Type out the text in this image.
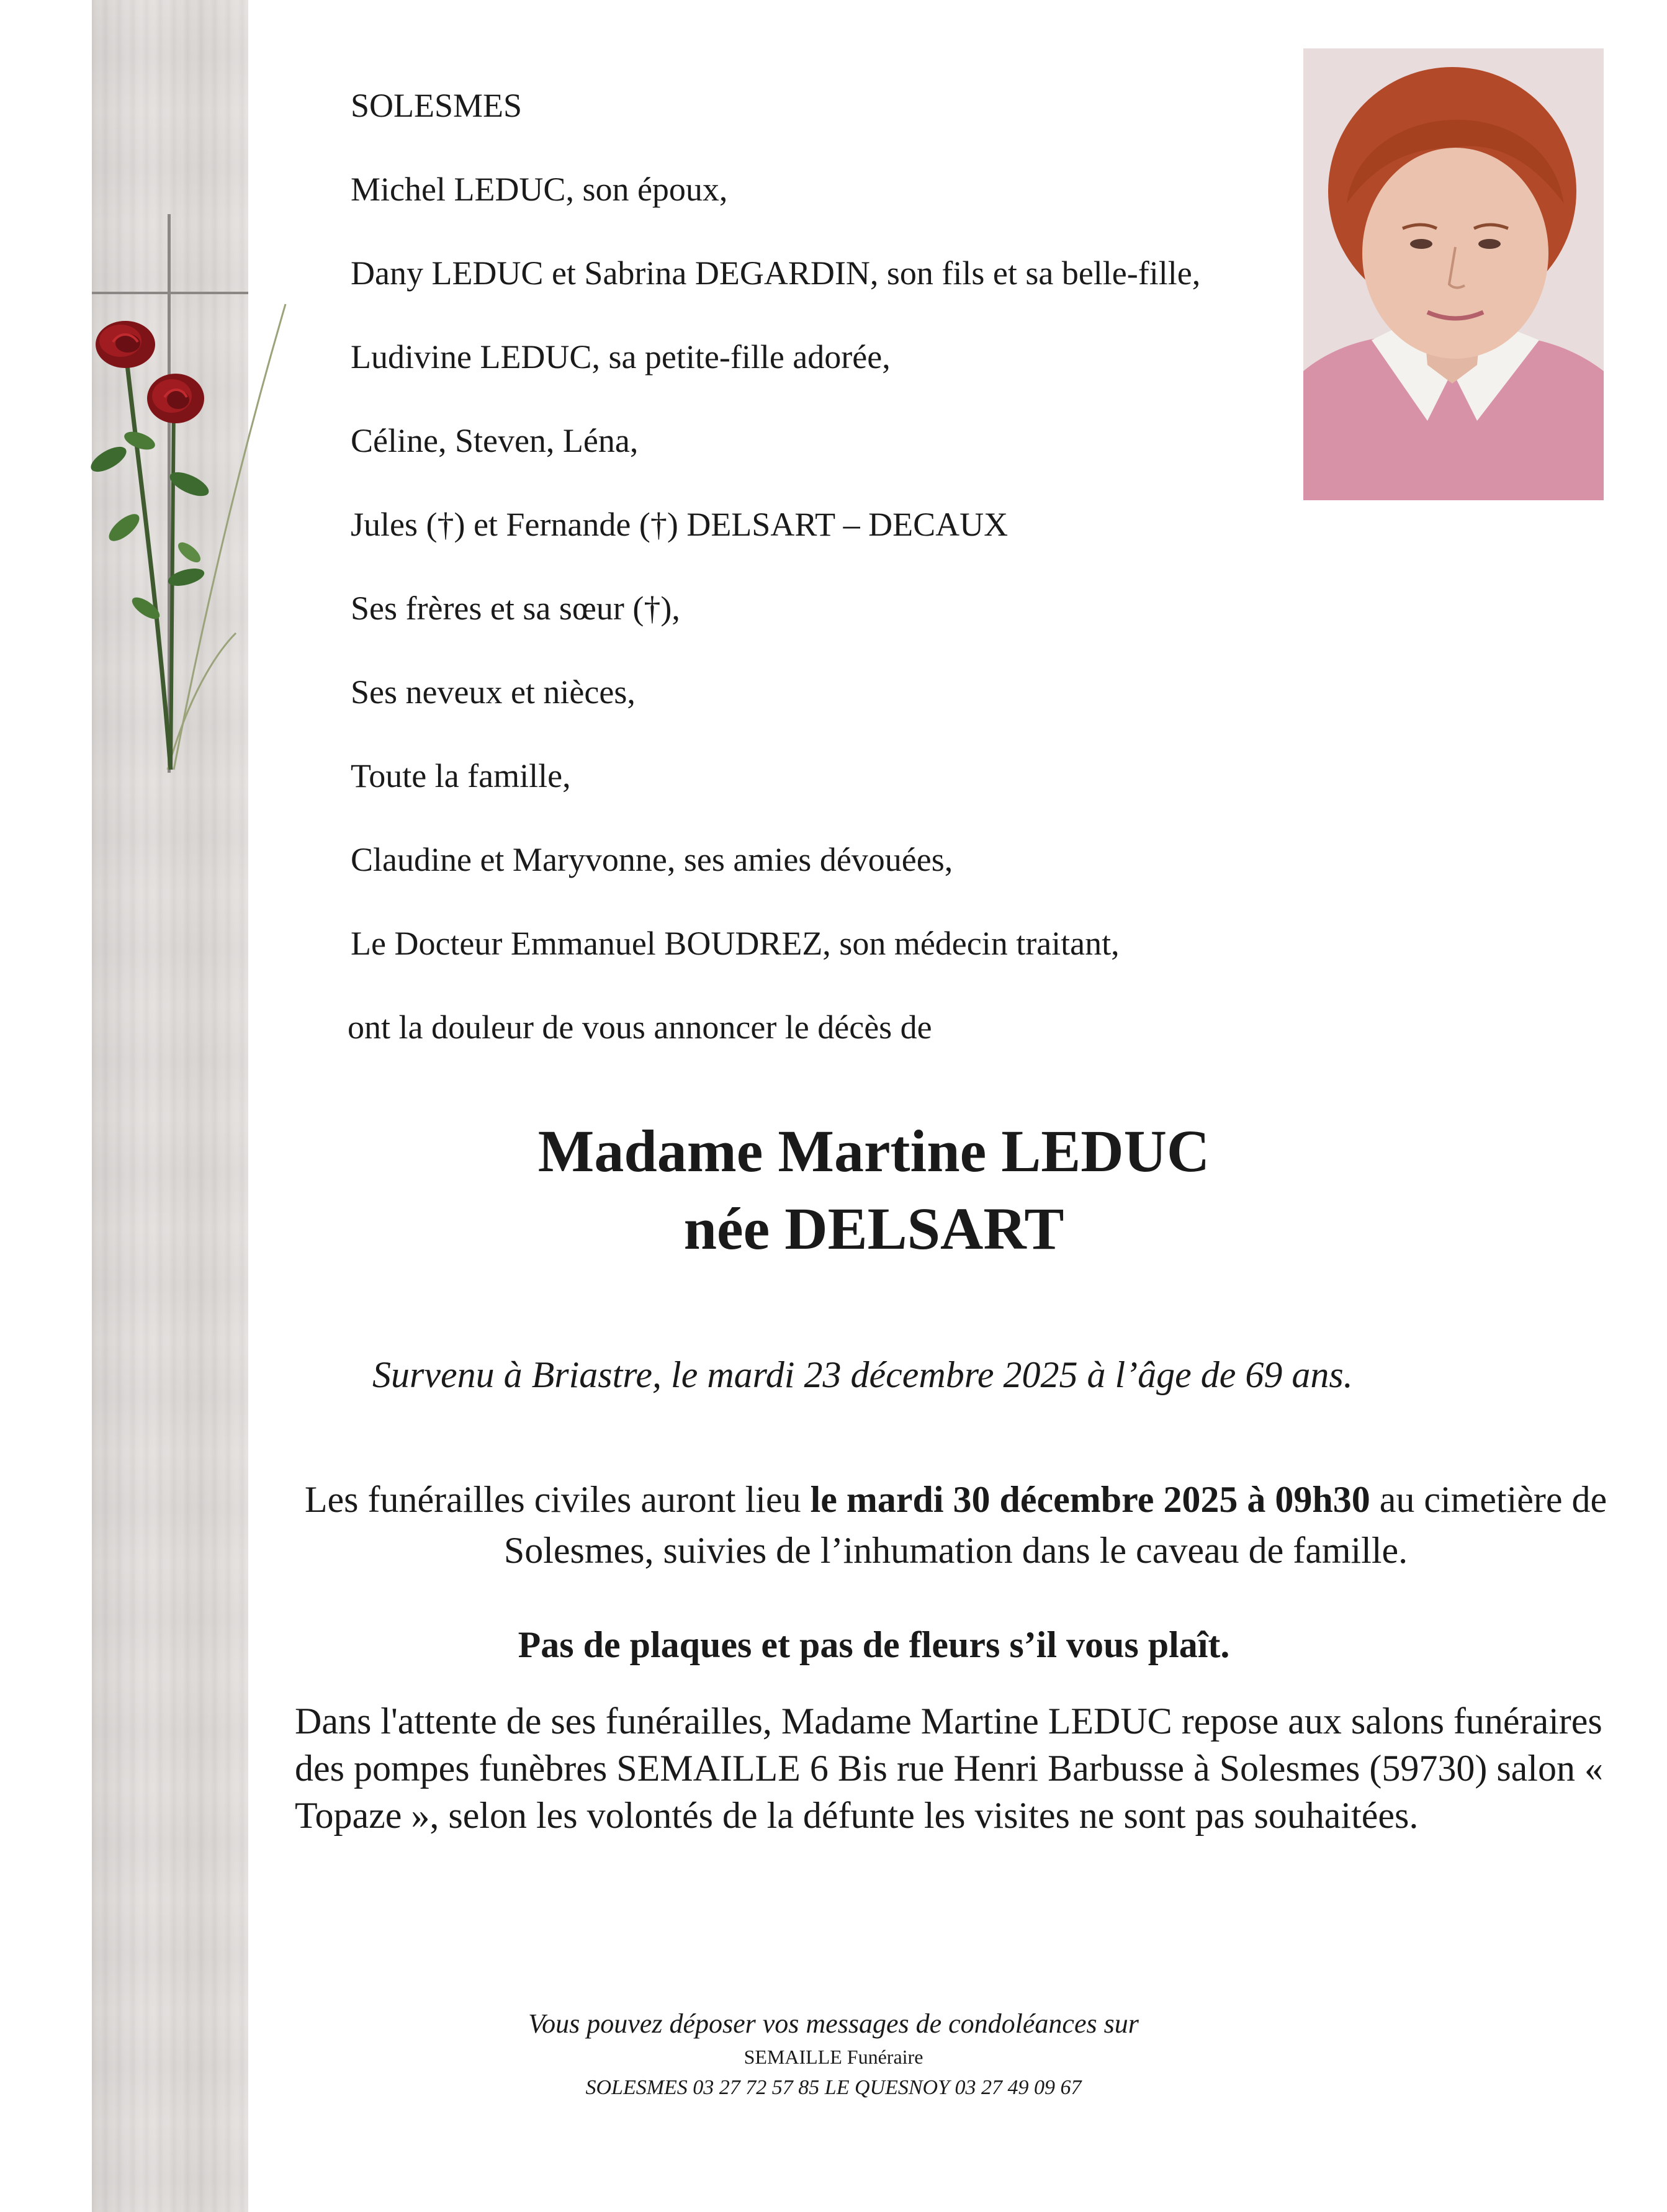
SOLESMES
Michel LEDUC, son époux,
Dany LEDUC et Sabrina DEGARDIN, son fils et sa belle-fille,
Ludivine LEDUC, sa petite-fille adorée,
Céline, Steven, Léna,
Jules (†) et Fernande (†) DELSART – DECAUX
Ses frères et sa sœur (†),
Ses neveux et nièces,
Toute la famille,
Claudine et Maryvonne, ses amies dévouées,
Le Docteur Emmanuel BOUDREZ, son médecin traitant,
ont la douleur de vous annoncer le décès de
Madame Martine LEDUC
née DELSART
Survenu à Briastre, le mardi 23 décembre 2025 à l’âge de 69 ans.
Les funérailles civiles auront lieu le mardi 30 décembre 2025 à 09h30 au cimetière de Solesmes, suivies de l’inhumation dans le caveau de famille.
Pas de plaques et pas de fleurs s’il vous plaît.
Dans l'attente de ses funérailles, Madame Martine LEDUC repose aux salons funéraires des pompes funèbres SEMAILLE 6 Bis rue Henri Barbusse à Solesmes (59730) salon « Topaze », selon les volontés de la défunte les visites ne sont pas souhaitées.
Vous pouvez déposer vos messages de condoléances sur
SEMAILLE Funéraire
SOLESMES 03 27 72 57 85 LE QUESNOY 03 27 49 09 67
